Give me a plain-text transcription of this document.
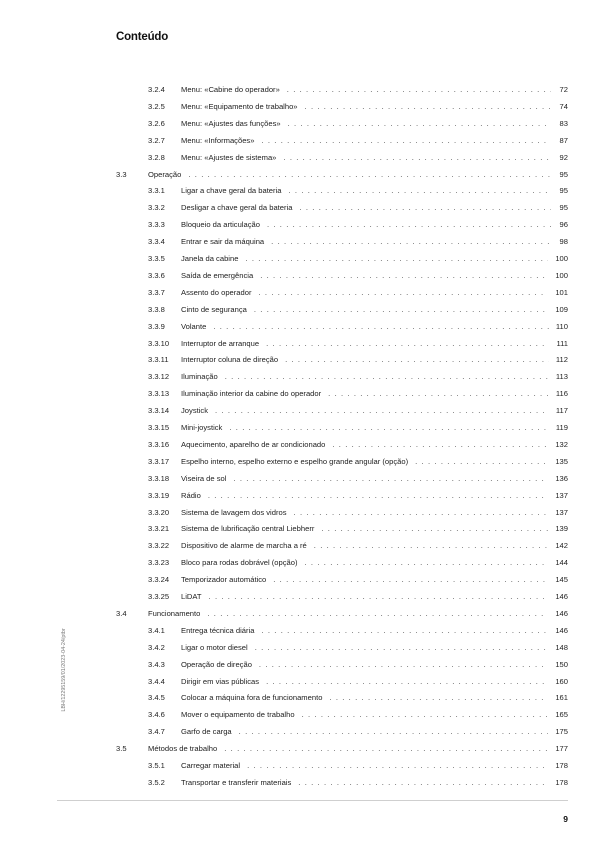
Conteúdo
3.2.4	Menu: «Cabine do operador» . . .	72
3.2.5	Menu: «Equipamento de trabalho» . . .	74
3.2.6	Menu: «Ajustes das funções» . . .	83
3.2.7	Menu: «Informações» . . .	87
3.2.8	Menu: «Ajustes de sistema» . . .	92
3.3	Operação . . .	95
3.3.1	Ligar a chave geral da bateria . . .	95
3.3.2	Desligar a chave geral da bateria . . .	95
3.3.3	Bloqueio da articulação . . .	96
3.3.4	Entrar e sair da máquina . . .	98
3.3.5	Janela da cabine . . .	100
3.3.6	Saída de emergência . . .	100
3.3.7	Assento do operador . . .	101
3.3.8	Cinto de segurança . . .	109
3.3.9	Volante . . .	110
3.3.10	Interruptor de arranque . . .	111
3.3.11	Interruptor coluna de direção . . .	112
3.3.12	Iluminação . . .	113
3.3.13	Iluminação interior da cabine do operador . . .	116
3.3.14	Joystick . . .	117
3.3.15	Mini-joystick . . .	119
3.3.16	Aquecimento, aparelho de ar condicionado . . .	132
3.3.17	Espelho interno, espelho externo e espelho grande angular (opção) . . .	135
3.3.18	Viseira de sol . . .	136
3.3.19	Rádio . . .	137
3.3.20	Sistema de lavagem dos vidros . . .	137
3.3.21	Sistema de lubrificação central Liebherr . . .	139
3.3.22	Dispositivo de alarme de marcha a ré . . .	142
3.3.23	Bloco para rodas dobrável (opção) . . .	144
3.3.24	Temporizador automático . . .	145
3.3.25	LiDAT . . .	146
3.4	Funcionamento . . .	146
3.4.1	Entrega técnica diária . . .	146
3.4.2	Ligar o motor diesel . . .	148
3.4.3	Operação de direção . . .	150
3.4.4	Dirigir em vias públicas . . .	160
3.4.5	Colocar a máquina fora de funcionamento . . .	161
3.4.6	Mover o equipamento de trabalho . . .	165
3.4.7	Garfo de carga . . .	175
3.5	Métodos de trabalho . . .	177
3.5.1	Carregar material . . .	178
3.5.2	Transportar e transferir materiais . . .	178
LBH/12295159/01/2023-04-24/ptbr
9
